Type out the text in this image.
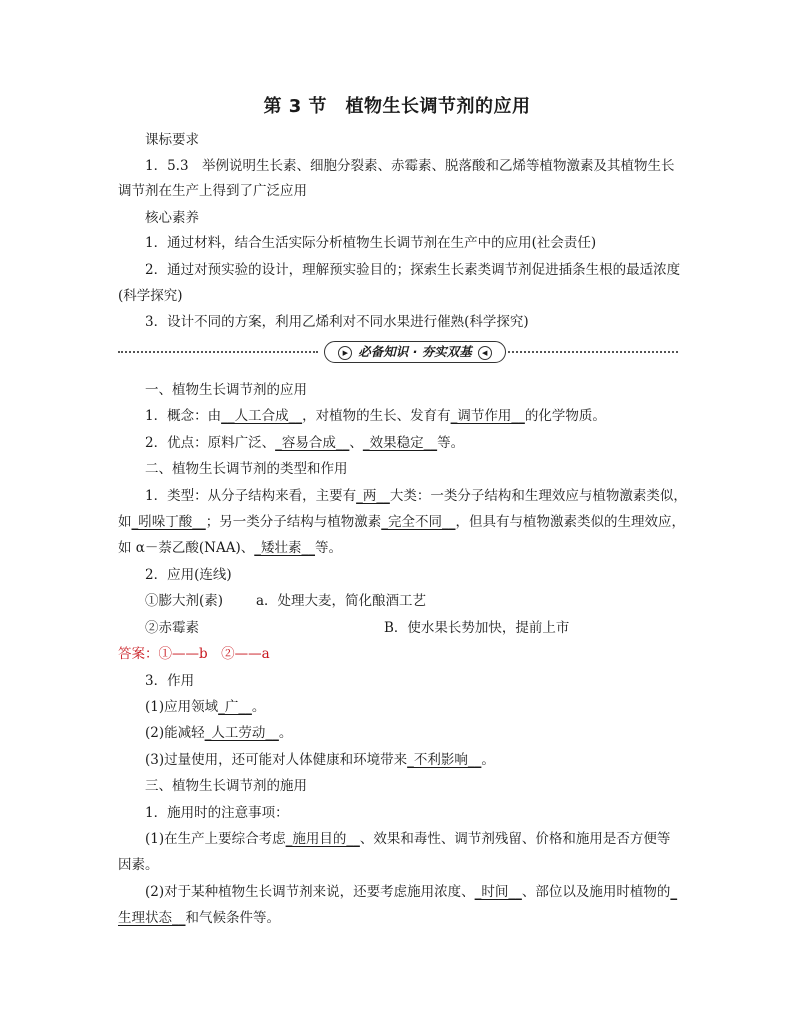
第 3 节　植物生长调节剂的应用
课标要求
1．5.3　举例说明生长素、细胞分裂素、赤霉素、脱落酸和乙烯等植物激素及其植物生长
调节剂在生产上得到了广泛应用
核心素养
1．通过材料，结合生活实际分析植物生长调节剂在生产中的应用(社会责任)
2．通过对预实验的设计，理解预实验目的；探索生长素类调节剂促进插条生根的最适浓度
(科学探究)
3．设计不同的方案，利用乙烯利对不同水果进行催熟(科学探究)
▶ 必备知识 · 夯实双基 ◀
一、植物生长调节剂的应用
1．概念：由__人工合成__，对植物的生长、发育有_调节作用__的化学物质。
2．优点：原料广泛、_容易合成__、_效果稳定__等。
二、植物生长调节剂的类型和作用
1．类型：从分子结构来看，主要有_两__大类：一类分子结构和生理效应与植物激素类似，
如_吲哚丁酸__；另一类分子结构与植物激素_完全不同__，但具有与植物激素类似的生理效应，
如 α－萘乙酸(NAA)、_矮壮素__等。
2．应用(连线)
①膨大剂(素)	a．处理大麦，简化酿酒工艺
②赤霉素	B．使水果长势加快，提前上市
答案：①——b　②——a
3．作用
(1)应用领域_广__。
(2)能减轻_人工劳动__。
(3)过量使用，还可能对人体健康和环境带来_不利影响__。
三、植物生长调节剂的施用
1．施用时的注意事项：
(1)在生产上要综合考虑_施用目的__、效果和毒性、调节剂残留、价格和施用是否方便等
因素。
(2)对于某种植物生长调节剂来说，还要考虑施用浓度、_时间__、部位以及施用时植物的_
生理状态__和气候条件等。
